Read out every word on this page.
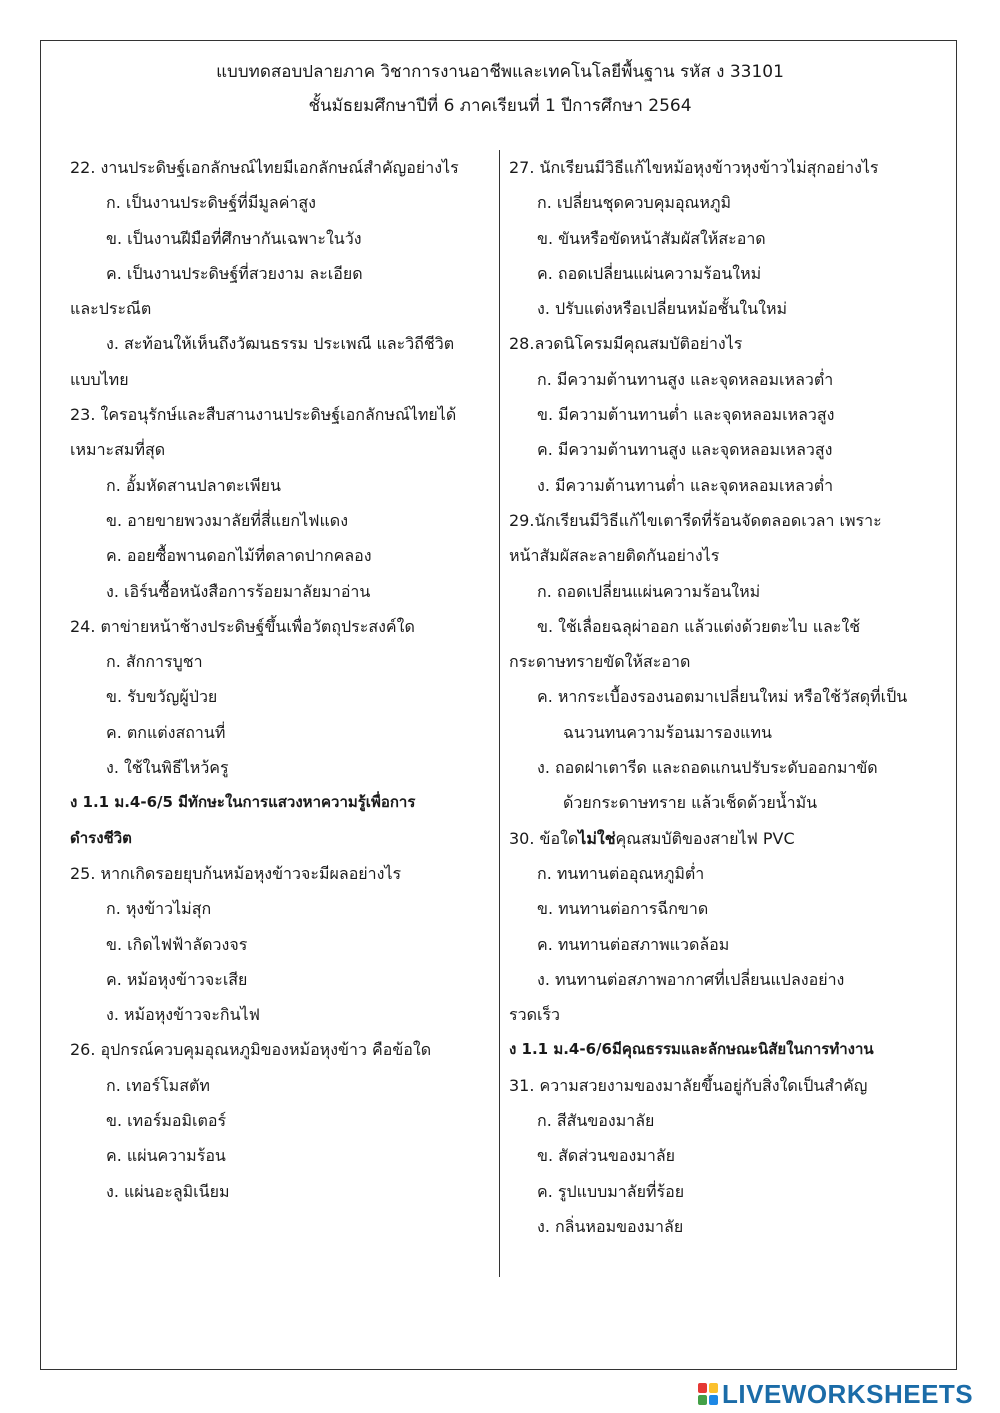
แบบทดสอบปลายภาค วิชาการงานอาชีพและเทคโนโลยีพื้นฐาน รหัส ง 33101
ชั้นมัธยมศึกษาปีที่ 6 ภาคเรียนที่ 1 ปีการศึกษา 2564
22. งานประดิษฐ์เอกลักษณ์ไทยมีเอกลักษณ์สำคัญอย่างไร
ก. เป็นงานประดิษฐ์ที่มีมูลค่าสูง
ข. เป็นงานฝีมือที่ศึกษากันเฉพาะในวัง
ค. เป็นงานประดิษฐ์ที่สวยงาม ละเอียด
และประณีต
ง. สะท้อนให้เห็นถึงวัฒนธรรม ประเพณี และวิถีชีวิต
แบบไทย
23. ใครอนุรักษ์และสืบสานงานประดิษฐ์เอกลักษณ์ไทยได้
เหมาะสมที่สุด
ก. อั้มหัดสานปลาตะเพียน
ข. อายขายพวงมาลัยที่สี่แยกไฟแดง
ค. ออยซื้อพานดอกไม้ที่ตลาดปากคลอง
ง. เอิร์นซื้อหนังสือการร้อยมาลัยมาอ่าน
24. ตาข่ายหน้าช้างประดิษฐ์ขึ้นเพื่อวัตถุประสงค์ใด
ก. สักการบูชา
ข. รับขวัญผู้ป่วย
ค. ตกแต่งสถานที่
ง. ใช้ในพิธีไหว้ครู
ง 1.1 ม.4-6/5 มีทักษะในการแสวงหาความรู้เพื่อการ
ดำรงชีวิต
25. หากเกิดรอยยุบก้นหม้อหุงข้าวจะมีผลอย่างไร
ก. หุงข้าวไม่สุก
ข. เกิดไฟฟ้าลัดวงจร
ค. หม้อหุงข้าวจะเสีย
ง. หม้อหุงข้าวจะกินไฟ
26. อุปกรณ์ควบคุมอุณหภูมิของหม้อหุงข้าว คือข้อใด
ก. เทอร์โมสตัท
ข. เทอร์มอมิเตอร์
ค. แผ่นความร้อน
ง. แผ่นอะลูมิเนียม
27. นักเรียนมีวิธีแก้ไขหม้อหุงข้าวหุงข้าวไม่สุกอย่างไร
ก. เปลี่ยนชุดควบคุมอุณหภูมิ
ข. ขันหรือขัดหน้าสัมผัสให้สะอาด
ค. ถอดเปลี่ยนแผ่นความร้อนใหม่
ง. ปรับแต่งหรือเปลี่ยนหม้อชั้นในใหม่
28.ลวดนิโครมมีคุณสมบัติอย่างไร
ก. มีความต้านทานสูง และจุดหลอมเหลวต่ำ
ข. มีความต้านทานต่ำ และจุดหลอมเหลวสูง
ค. มีความต้านทานสูง และจุดหลอมเหลวสูง
ง. มีความต้านทานต่ำ และจุดหลอมเหลวต่ำ
29.นักเรียนมีวิธีแก้ไขเตารีดที่ร้อนจัดตลอดเวลา เพราะ
หน้าสัมผัสละลายติดกันอย่างไร
ก. ถอดเปลี่ยนแผ่นความร้อนใหม่
ข. ใช้เลื่อยฉลุผ่าออก แล้วแต่งด้วยตะไบ และใช้
กระดาษทรายขัดให้สะอาด
ค. หากระเบื้องรองนอตมาเปลี่ยนใหม่ หรือใช้วัสดุที่เป็น
ฉนวนทนความร้อนมารองแทน
ง. ถอดฝาเตารีด และถอดแกนปรับระดับออกมาขัด
ด้วยกระดาษทราย แล้วเช็ดด้วยน้ำมัน
30. ข้อใดไม่ใช่คุณสมบัติของสายไฟ PVC
ก. ทนทานต่ออุณหภูมิต่ำ
ข. ทนทานต่อการฉีกขาด
ค. ทนทานต่อสภาพแวดล้อม
ง. ทนทานต่อสภาพอากาศที่เปลี่ยนแปลงอย่าง
รวดเร็ว
ง 1.1 ม.4-6/6มีคุณธรรมและลักษณะนิสัยในการทำงาน
31. ความสวยงามของมาลัยขึ้นอยู่กับสิ่งใดเป็นสำคัญ
ก. สีสันของมาลัย
ข. สัดส่วนของมาลัย
ค. รูปแบบมาลัยที่ร้อย
ง. กลิ่นหอมของมาลัย
LIVEWORKSHEETS
